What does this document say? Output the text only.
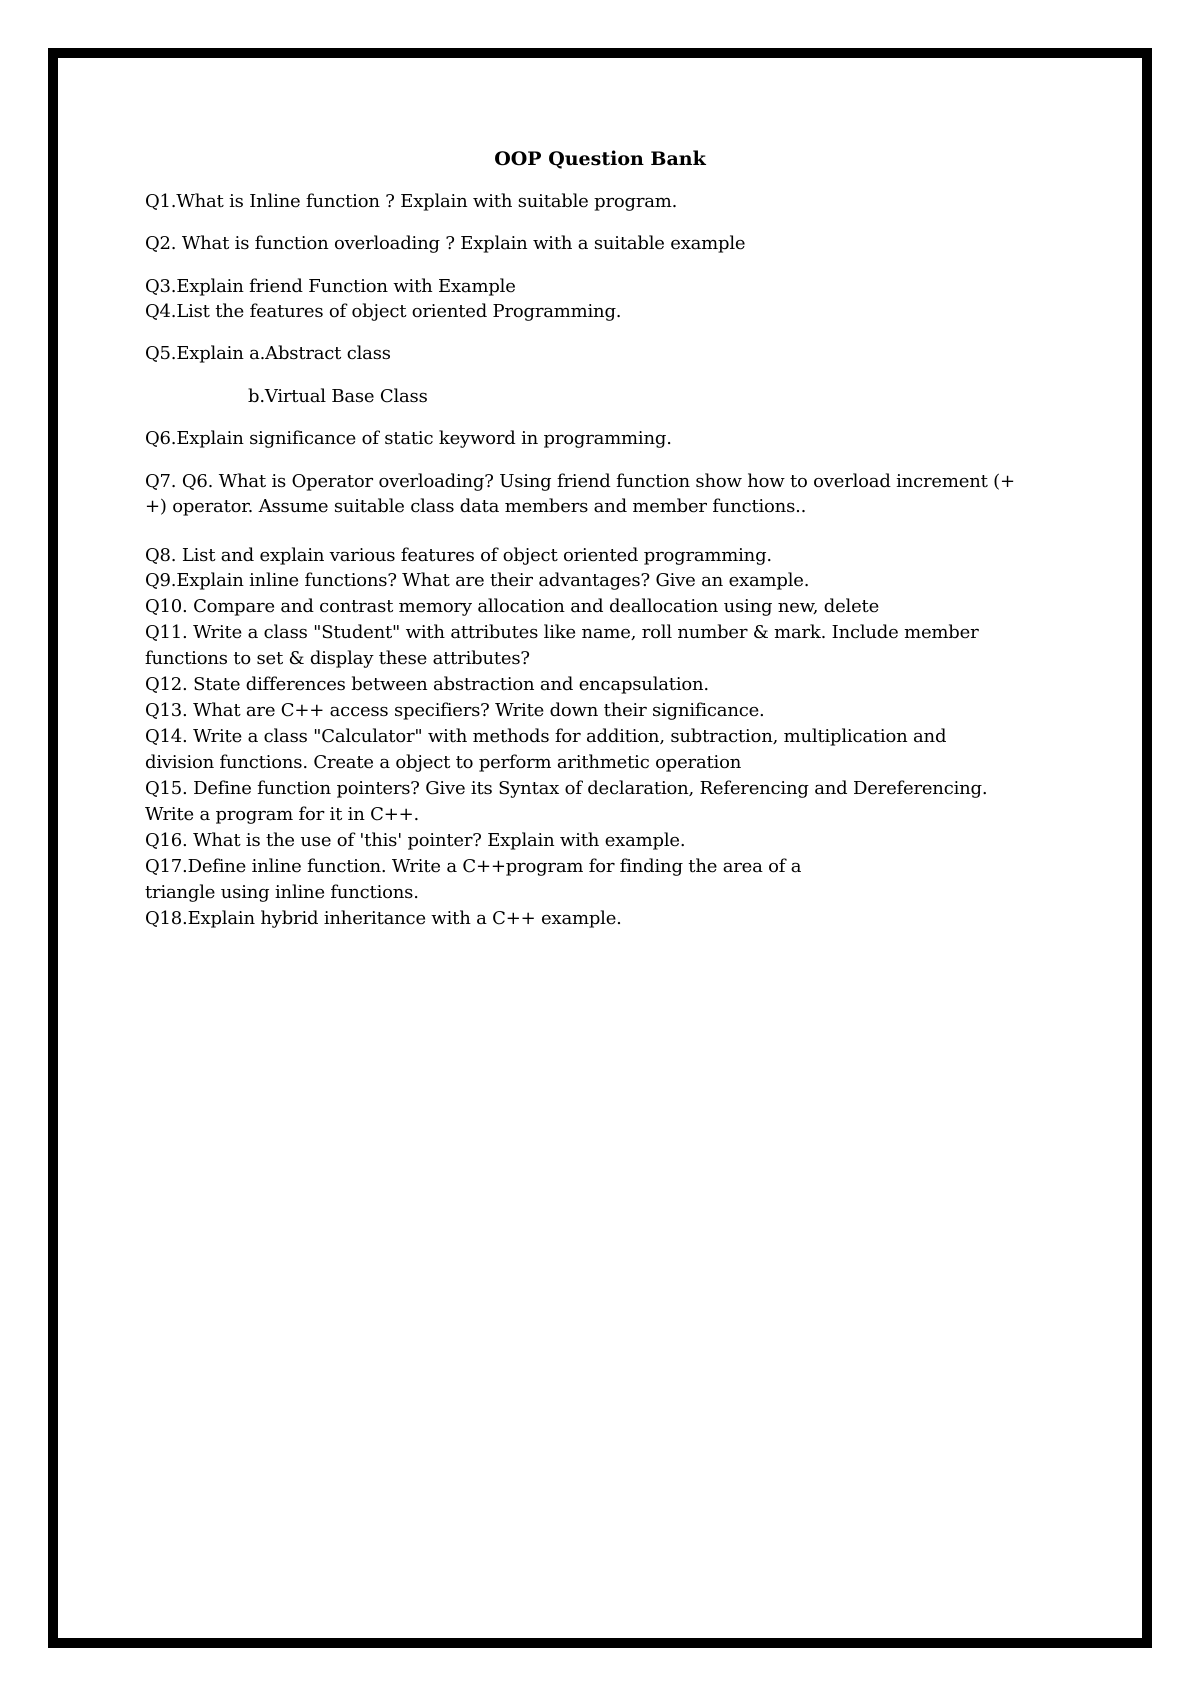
OOP Question Bank
Q1.What is Inline function ? Explain with suitable program.
Q2. What is function overloading ? Explain with a suitable example
Q3.Explain friend Function with Example
Q4.List the features of object oriented Programming.
Q5.Explain a.Abstract class
b.Virtual Base Class
Q6.Explain significance of static keyword in programming.
Q7. Q6. What is Operator overloading? Using friend function show how to overload increment (+
+) operator. Assume suitable class data members and member functions..
Q8. List and explain various features of object oriented programming.
Q9.Explain inline functions? What are their advantages? Give an example.
Q10. Compare and contrast memory allocation and deallocation using new, delete
Q11. Write a class "Student" with attributes like name, roll number & mark. Include member
functions to set & display these attributes?
Q12. State differences between abstraction and encapsulation.
Q13. What are C++ access specifiers? Write down their significance.
Q14. Write a class "Calculator" with methods for addition, subtraction, multiplication and
division functions. Create a object to perform arithmetic operation
Q15. Define function pointers? Give its Syntax of declaration, Referencing and Dereferencing.
Write a program for it in C++.
Q16. What is the use of 'this' pointer? Explain with example.
Q17.Define inline function. Write a C++program for finding the area of a
triangle using inline functions.
Q18.Explain hybrid inheritance with a C++ example.
